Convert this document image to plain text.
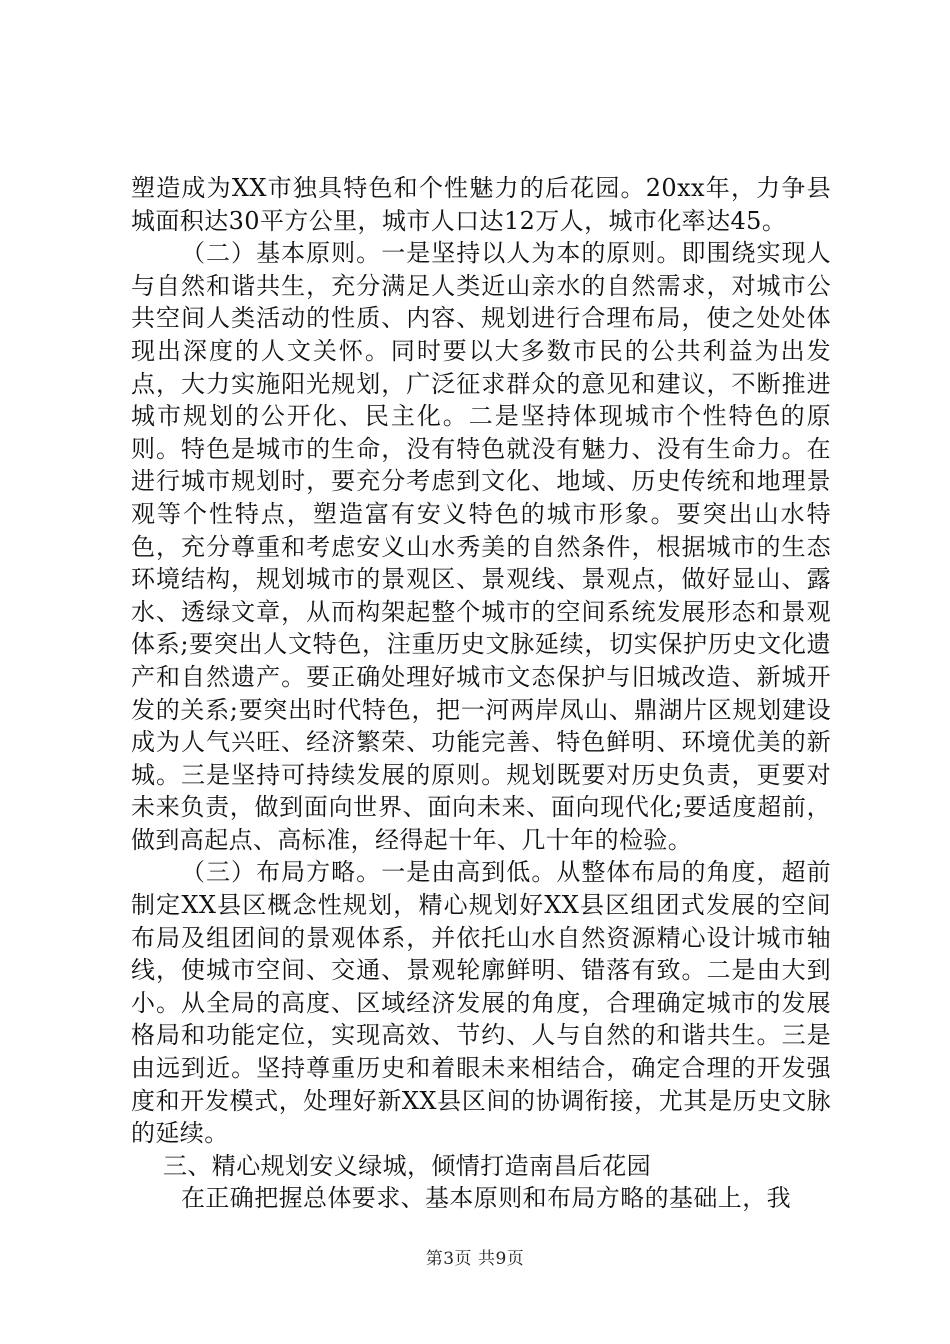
塑造成为XX市独具特色和个性魅力的后花园。20xx年，力争县城面积达30平方公里，城市人口达12万人，城市化率达45。

（二）基本原则。一是坚持以人为本的原则。即围绕实现人与自然和谐共生，充分满足人类近山亲水的自然需求，对城市公共空间人类活动的性质、内容、规划进行合理布局，使之处处体现出深度的人文关怀。同时要以大多数市民的公共利益为出发点，大力实施阳光规划，广泛征求群众的意见和建议，不断推进城市规划的公开化、民主化。二是坚持体现城市个性特色的原则。特色是城市的生命，没有特色就没有魅力、没有生命力。在进行城市规划时，要充分考虑到文化、地域、历史传统和地理景观等个性特点，塑造富有安义特色的城市形象。要突出山水特色，充分尊重和考虑安义山水秀美的自然条件，根据城市的生态环境结构，规划城市的景观区、景观线、景观点，做好显山、露水、透绿文章，从而构架起整个城市的空间系统发展形态和景观体系;要突出人文特色，注重历史文脉延续，切实保护历史文化遗产和自然遗产。要正确处理好城市文态保护与旧城改造、新城开发的关系;要突出时代特色，把一河两岸凤山、鼎湖片区规划建设成为人气兴旺、经济繁荣、功能完善、特色鲜明、环境优美的新城。三是坚持可持续发展的原则。规划既要对历史负责，更要对未来负责，做到面向世界、面向未来、面向现代化;要适度超前，做到高起点、高标准，经得起十年、几十年的检验。

（三）布局方略。一是由高到低。从整体布局的角度，超前制定XX县区概念性规划，精心规划好XX县区组团式发展的空间布局及组团间的景观体系，并依托山水自然资源精心设计城市轴线，使城市空间、交通、景观轮廓鲜明、错落有致。二是由大到小。从全局的高度、区域经济发展的角度，合理确定城市的发展格局和功能定位，实现高效、节约、人与自然的和谐共生。三是由远到近。坚持尊重历史和着眼未来相结合，确定合理的开发强度和开发模式，处理好新XX县区间的协调衔接，尤其是历史文脉的延续。

三、精心规划安义绿城，倾情打造南昌后花园

在正确把握总体要求、基本原则和布局方略的基础上，我

第3页 共9页
